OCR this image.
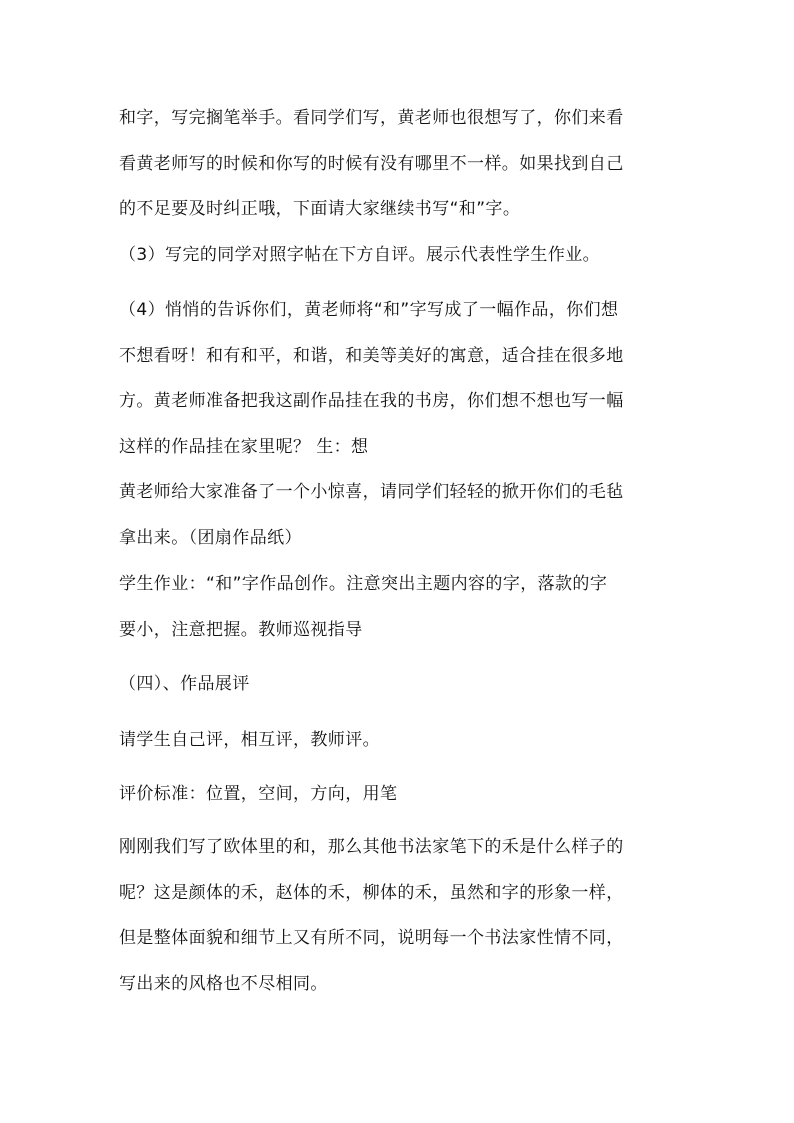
和字，写完搁笔举手。看同学们写，黄老师也很想写了，你们来看
看黄老师写的时候和你写的时候有没有哪里不一样。如果找到自己
的不足要及时纠正哦，下面请大家继续书写“和”字。

（3）写完的同学对照字帖在下方自评。展示代表性学生作业。

（4）悄悄的告诉你们，黄老师将“和”字写成了一幅作品，你们想
不想看呀！和有和平，和谐，和美等美好的寓意，适合挂在很多地
方。黄老师准备把我这副作品挂在我的书房，你们想不想也写一幅
这样的作品挂在家里呢？ 生：想

黄老师给大家准备了一个小惊喜，请同学们轻轻的掀开你们的毛毡
拿出来。（团扇作品纸）

学生作业：“和”字作品创作。注意突出主题内容的字，落款的字
要小，注意把握。教师巡视指导

（四）、作品展评

请学生自己评，相互评，教师评。

评价标准：位置，空间，方向，用笔

刚刚我们写了欧体里的和，那么其他书法家笔下的禾是什么样子的
呢？这是颜体的禾，赵体的禾，柳体的禾，虽然和字的形象一样，
但是整体面貌和细节上又有所不同，说明每一个书法家性情不同，
写出来的风格也不尽相同。
